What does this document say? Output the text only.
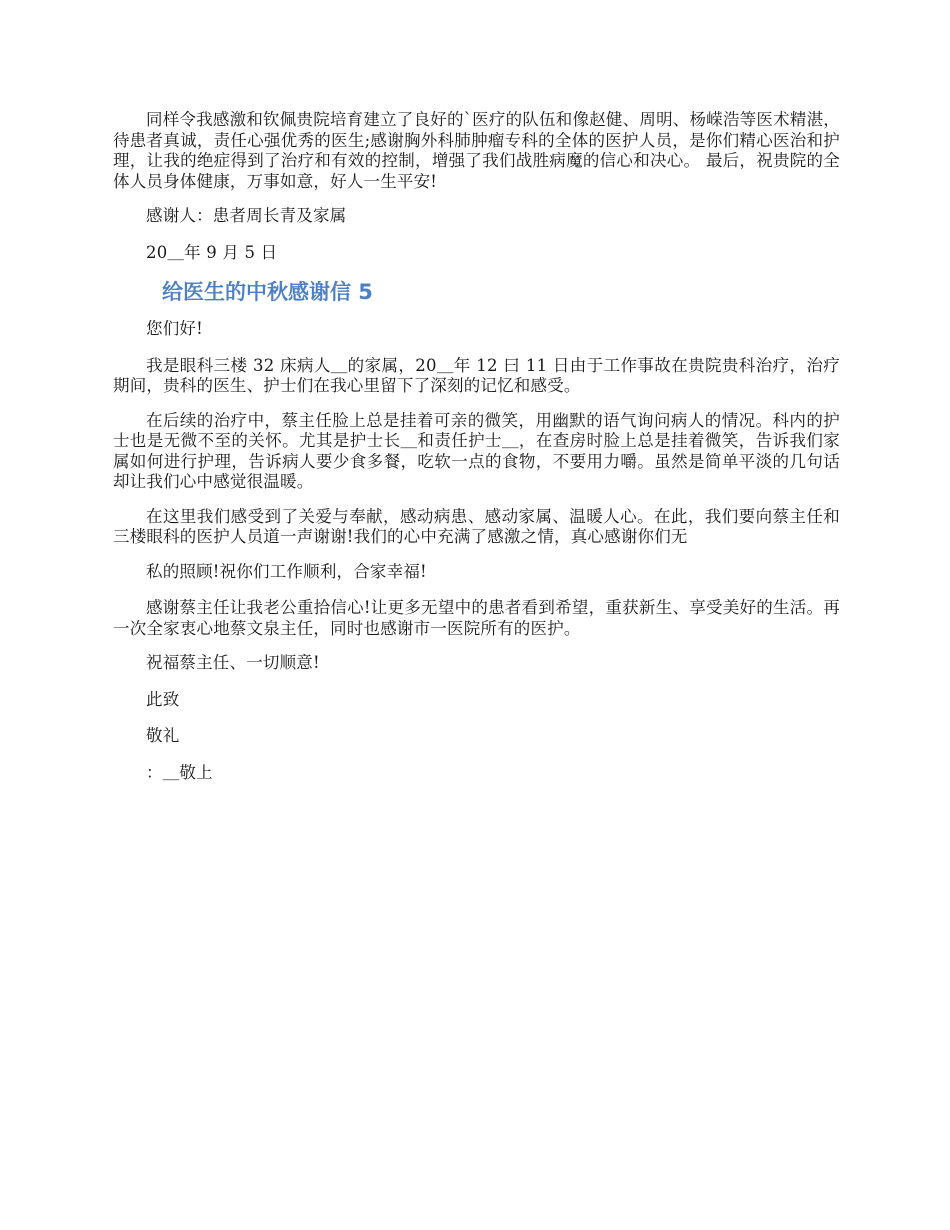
同样令我感激和钦佩贵院培育建立了良好的`医疗的队伍和像赵健、周明、杨嵘浩等医术精湛，待患者真诚，责任心强优秀的医生;感谢胸外科肺肿瘤专科的全体的医护人员，是你们精心医治和护理，让我的绝症得到了治疗和有效的控制，增强了我们战胜病魔的信心和决心。 最后，祝贵院的全体人员身体健康，万事如意，好人一生平安!

感谢人：患者周长青及家属

20＿年 9 月 5 日

给医生的中秋感谢信 5

您们好!

我是眼科三楼 32 床病人＿的家属，20＿年 12 曰 11 日由于工作事故在贵院贵科治疗，治疗期间，贵科的医生、护士们在我心里留下了深刻的记忆和感受。

在后续的治疗中，蔡主任脸上总是挂着可亲的微笑，用幽默的语气询问病人的情况。科内的护士也是无微不至的关怀。尤其是护士长＿和责任护士＿，在查房时脸上总是挂着微笑，告诉我们家属如何进行护理，告诉病人要少食多餐，吃软一点的食物，不要用力嚼。虽然是简单平淡的几句话却让我们心中感觉很温暖。

在这里我们感受到了关爱与奉献，感动病患、感动家属、温暖人心。在此，我们要向蔡主任和三楼眼科的医护人员道一声谢谢!我们的心中充满了感激之情，真心感谢你们无

私的照顾!祝你们工作顺利，合家幸福!

感谢蔡主任让我老公重拾信心!让更多无望中的患者看到希望，重获新生、享受美好的生活。再一次全家衷心地蔡文泉主任，同时也感谢市一医院所有的医护。

祝福蔡主任、一切顺意!

此致

敬礼

：＿敬上
